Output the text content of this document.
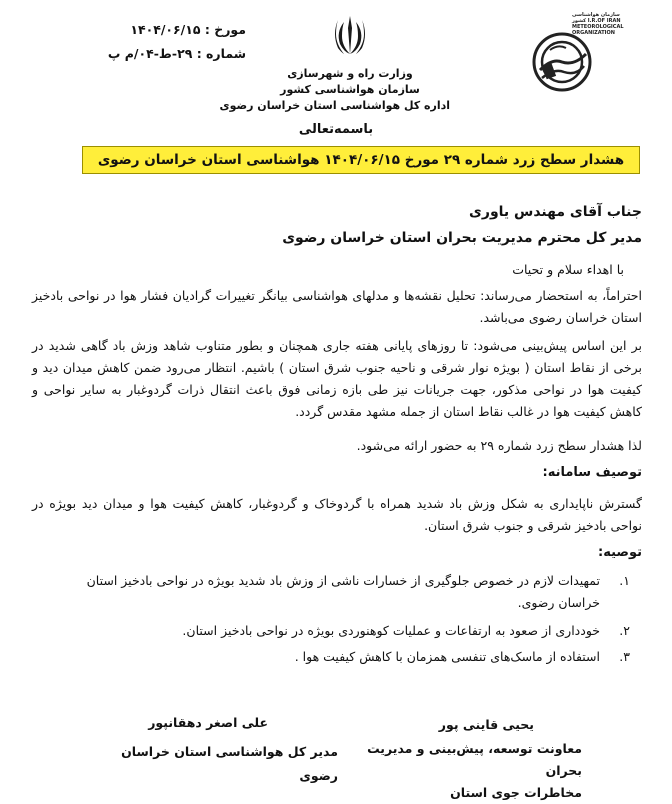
سازمان هواشناسی کشور I.R.OF IRAN METEOROLOGICAL ORGANIZATION
وزارت راه و شهرسازی
سازمان هواشناسی کشور
اداره کل هواشناسی استان خراسان رضوی
مورخ : ۱۴۰۴/۰۶/۱۵
شماره : ۲۹-ط-۰۴/م پ
باسمه‌تعالی
هشدار سطح زرد شماره ۲۹ مورخ ۱۴۰۴/۰۶/۱۵ هواشناسی استان خراسان رضوی
جناب آقای مهندس یاوری
مدیر کل محترم مدیریت بحران استان خراسان رضوی
با اهداء سلام و تحیات
احتراماً، به استحضار می‌رساند: تحلیل نقشه‌ها و مدلهای هواشناسی بیانگر تغییرات گرادیان فشار هوا در نواحی بادخیز استان خراسان رضوی می‌باشد.
بر این اساس پیش‌بینی می‌شود: تا روزهای پایانی هفته جاری همچنان و بطور متناوب شاهد وزش باد گاهی شدید در برخی از نقاط استان ( بویژه نوار شرقی و ناحیه جنوب شرق استان ) باشیم. انتظار می‌رود ضمن کاهش میدان دید و کیفیت هوا در نواحی مذکور، جهت جریانات نیز طی بازه زمانی فوق باعث انتقال ذرات گردوغبار به سایر نواحی و کاهش کیفیت هوا در غالب نقاط استان از جمله مشهد مقدس گردد.
لذا هشدار سطح زرد شماره ۲۹ به حضور ارائه می‌شود.
توصیف سامانه:
گسترش ناپایداری به شکل وزش باد شدید همراه با گردوخاک و گردوغبار، کاهش کیفیت هوا و میدان دید بویژه در نواحی بادخیز شرقی و جنوب شرق استان.
توصیه:
۱.
تمهیدات لازم در خصوص جلوگیری از خسارات ناشی از وزش باد شدید بویژه در نواحی بادخیز استان خراسان رضوی.
۲.
خودداری از صعود به ارتفاعات و عملیات کوهنوردی بویژه در نواحی بادخیز استان.
۳.
استفاده از ماسک‌های تنفسی همزمان با کاهش کیفیت هوا .
یحیی قاینی پور
معاونت توسعه، پیش‌بینی و مدیریت بحران
مخاطرات جوی استان
علی اصغر دهقانپور
مدیر کل هواشناسی استان خراسان رضوی
